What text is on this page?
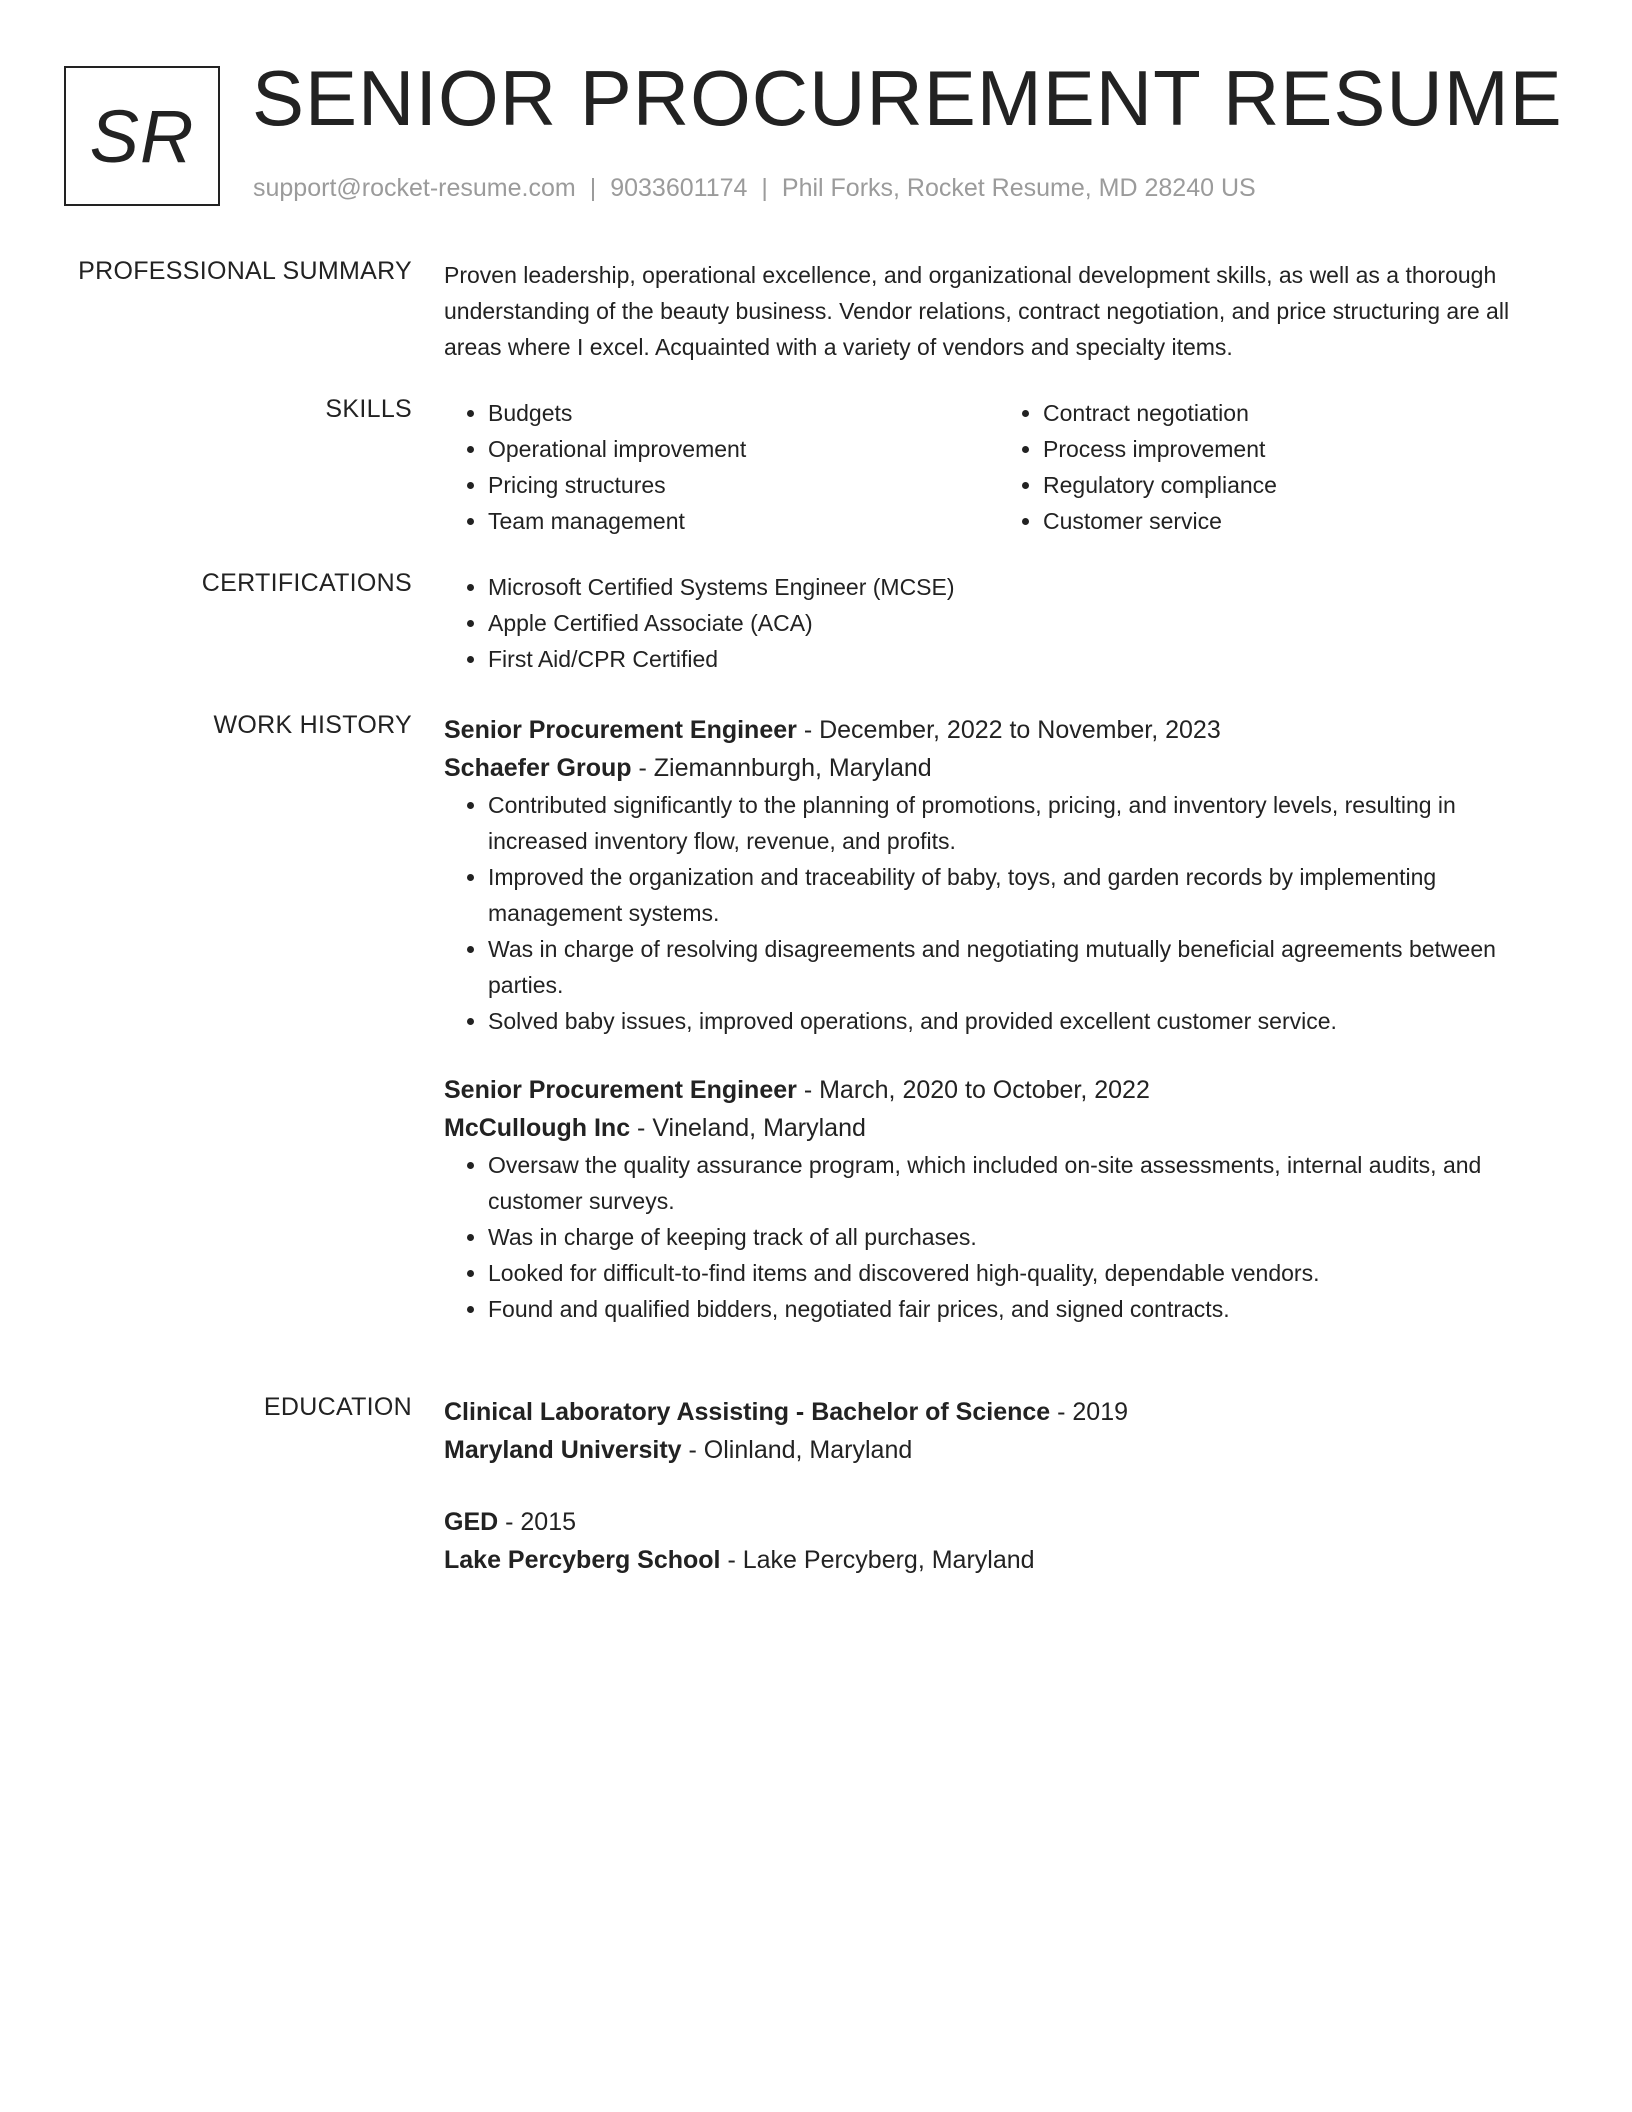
SR SENIOR PROCUREMENT RESUME
support@rocket-resume.com | 9033601174 | Phil Forks, Rocket Resume, MD 28240 US
PROFESSIONAL SUMMARY Proven leadership, operational excellence, and organizational development skills, as well as a thorough understanding of the beauty business. Vendor relations, contract negotiation, and price structuring are all areas where I excel. Acquainted with a variety of vendors and specialty items.

SKILLS	• Budgets
• Operational improvement
• Pricing structures
• Team management
• Contract negotiation
• Process improvement
• Regulatory compliance
• Customer service
CERTIFICATIONS	• Microsoft Certified Systems Engineer (MCSE)
• Apple Certified Associate (ACA)
• First Aid/CPR Certified
WORK HISTORY Senior Procurement Engineer - December, 2022 to November, 2023
Schaefer Group - Ziemannburgh, Maryland
• Contributed significantly to the planning of promotions, pricing, and inventory levels, resulting in increased inventory flow, revenue, and profits.
• Improved the organization and traceability of baby, toys, and garden records by implementing management systems.
• Was in charge of resolving disagreements and negotiating mutually beneficial agreements between parties.
• Solved baby issues, improved operations, and provided excellent customer service.
Senior Procurement Engineer - March, 2020 to October, 2022
McCullough Inc - Vineland, Maryland
• Oversaw the quality assurance program, which included on-site assessments, internal audits, and customer surveys.
• Was in charge of keeping track of all purchases.
• Looked for difficult-to-find items and discovered high-quality, dependable vendors.
• Found and qualified bidders, negotiated fair prices, and signed contracts.
EDUCATION Clinical Laboratory Assisting - Bachelor of Science - 2019
Maryland University - Olinland, Maryland
GED - 2015
Lake Percyberg School - Lake Percyberg, Maryland
